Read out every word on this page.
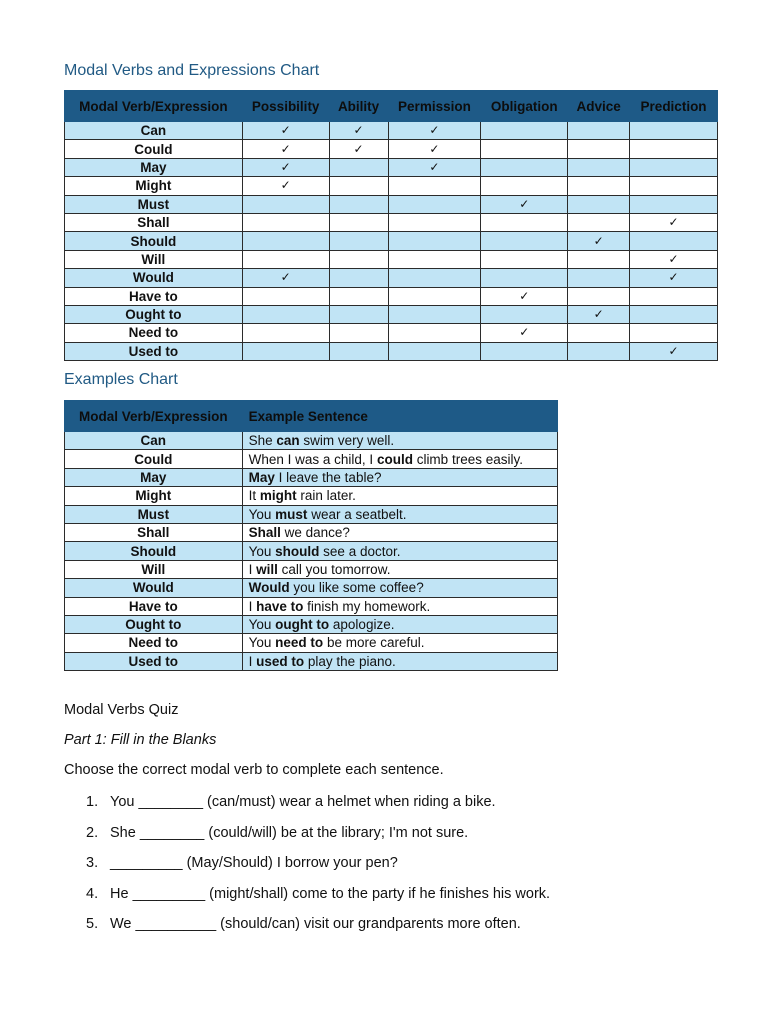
Modal Verbs and Expressions Chart
Modal Verb/Expression	Possibility	Ability	Permission	Obligation	Advice	Prediction
Can	✓	✓	✓			
Could	✓	✓	✓			
May	✓		✓			
Might	✓					
Must				✓		
Shall						✓
Should					✓	
Will						✓
Would	✓					✓
Have to				✓		
Ought to					✓	
Need to				✓		
Used to						✓
Examples Chart
Modal Verb/Expression	Example Sentence
Can	She can swim very well.
Could	When I was a child, I could climb trees easily.
May	May I leave the table?
Might	It might rain later.
Must	You must wear a seatbelt.
Shall	Shall we dance?
Should	You should see a doctor.
Will	I will call you tomorrow.
Would	Would you like some coffee?
Have to	I have to finish my homework.
Ought to	You ought to apologize.
Need to	You need to be more careful.
Used to	I used to play the piano.

Modal Verbs Quiz

Part 1: Fill in the Blanks

Choose the correct modal verb to complete each sentence.

1. You ________ (can/must) wear a helmet when riding a bike.
2. She ________ (could/will) be at the library; I'm not sure.
3. _________ (May/Should) I borrow your pen?
4. He _________ (might/shall) come to the party if he finishes his work.
5. We __________ (should/can) visit our grandparents more often.
